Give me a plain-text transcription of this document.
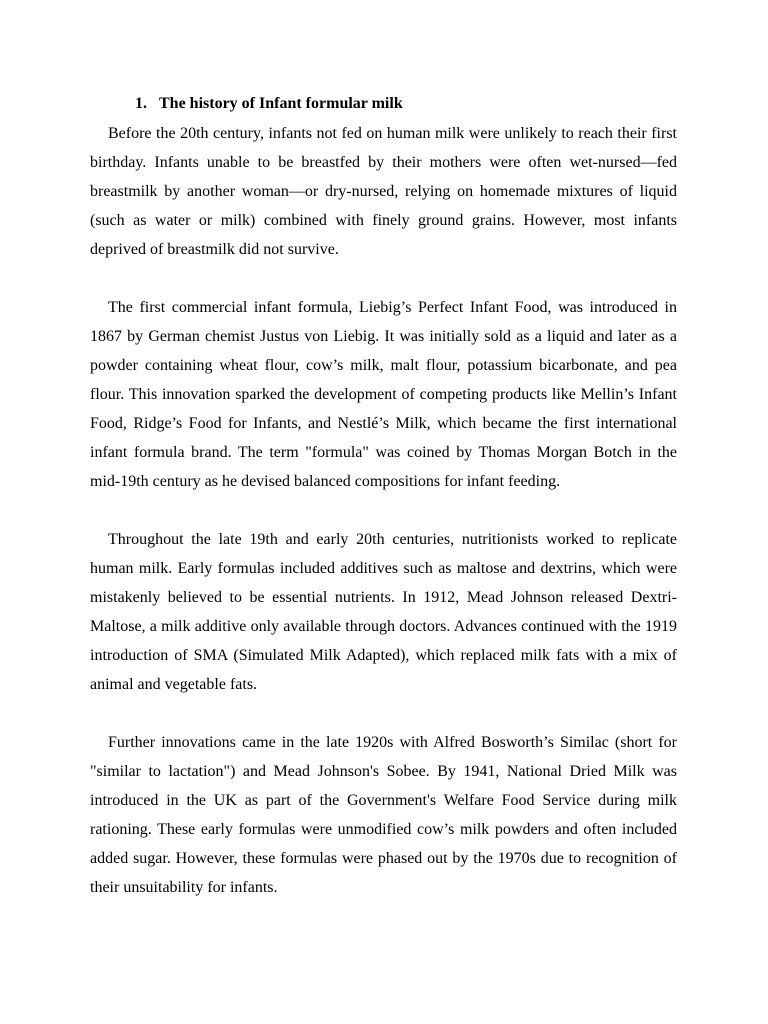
1. The history of Infant formular milk

Before the 20th century, infants not fed on human milk were unlikely to reach their first birthday. Infants unable to be breastfed by their mothers were often wet-nursed—fed breastmilk by another woman—or dry-nursed, relying on homemade mixtures of liquid (such as water or milk) combined with finely ground grains. However, most infants deprived of breastmilk did not survive.

The first commercial infant formula, Liebig’s Perfect Infant Food, was introduced in 1867 by German chemist Justus von Liebig. It was initially sold as a liquid and later as a powder containing wheat flour, cow’s milk, malt flour, potassium bicarbonate, and pea flour. This innovation sparked the development of competing products like Mellin’s Infant Food, Ridge’s Food for Infants, and Nestlé’s Milk, which became the first international infant formula brand. The term "formula" was coined by Thomas Morgan Botch in the mid-19th century as he devised balanced compositions for infant feeding.

Throughout the late 19th and early 20th centuries, nutritionists worked to replicate human milk. Early formulas included additives such as maltose and dextrins, which were mistakenly believed to be essential nutrients. In 1912, Mead Johnson released Dextri-Maltose, a milk additive only available through doctors. Advances continued with the 1919 introduction of SMA (Simulated Milk Adapted), which replaced milk fats with a mix of animal and vegetable fats.

Further innovations came in the late 1920s with Alfred Bosworth’s Similac (short for "similar to lactation") and Mead Johnson's Sobee. By 1941, National Dried Milk was introduced in the UK as part of the Government's Welfare Food Service during milk rationing. These early formulas were unmodified cow’s milk powders and often included added sugar. However, these formulas were phased out by the 1970s due to recognition of their unsuitability for infants.
